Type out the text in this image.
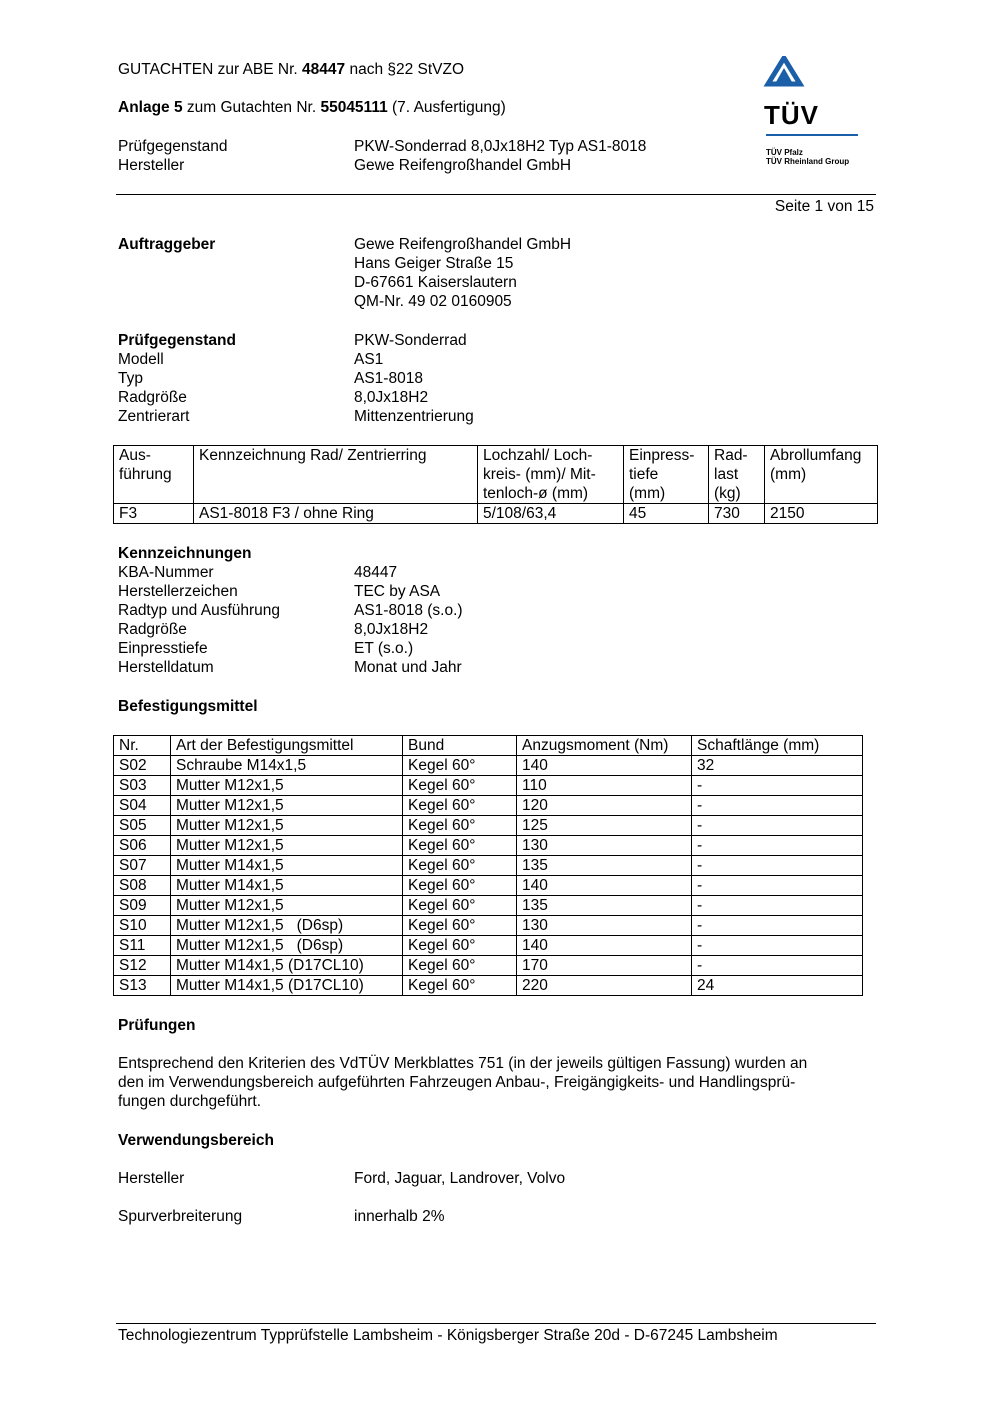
GUTACHTEN zur ABE Nr. 48447 nach §22 StVZO
Anlage 5 zum Gutachten Nr. 55045111 (7. Ausfertigung)
Prüfgegenstand	PKW-Sonderrad 8,0Jx18H2 Typ AS1-8018
Hersteller	Gewe Reifengroßhandel GmbH
TÜV
TÜV Pfalz
TÜV Rheinland Group
Seite 1 von 15
Auftraggeber	Gewe Reifengroßhandel GmbH
Hans Geiger Straße 15
D-67661 Kaiserslautern
QM-Nr. 49 02 0160905
Prüfgegenstand	PKW-Sonderrad
Modell	AS1
Typ	AS1-8018
Radgröße	8,0Jx18H2
Zentrierart	Mittenzentrierung
Aus-
führung	Kennzeichnung Rad/ Zentrierring	Lochzahl/ Loch-
kreis- (mm)/ Mit-
tenloch-ø (mm)	Einpress-
tiefe
(mm)	Rad-
last
(kg)	Abrollumfang
(mm)
F3	AS1-8018 F3 / ohne Ring	5/108/63,4	45	730	2150
Kennzeichnungen
KBA-Nummer	48447
Herstellerzeichen	TEC by ASA
Radtyp und Ausführung	AS1-8018 (s.o.)
Radgröße	8,0Jx18H2
Einpresstiefe	ET (s.o.)
Herstelldatum	Monat und Jahr
Befestigungsmittel
Nr.	Art der Befestigungsmittel	Bund	Anzugsmoment (Nm)	Schaftlänge (mm)
S02	Schraube M14x1,5	Kegel 60°	140	32
S03	Mutter M12x1,5	Kegel 60°	110	-
S04	Mutter M12x1,5	Kegel 60°	120	-
S05	Mutter M12x1,5	Kegel 60°	125	-
S06	Mutter M12x1,5	Kegel 60°	130	-
S07	Mutter M14x1,5	Kegel 60°	135	-
S08	Mutter M14x1,5	Kegel 60°	140	-
S09	Mutter M12x1,5	Kegel 60°	135	-
S10	Mutter M12x1,5   (D6sp)	Kegel 60°	130	-
S11	Mutter M12x1,5   (D6sp)	Kegel 60°	140	-
S12	Mutter M14x1,5 (D17CL10)	Kegel 60°	170	-
S13	Mutter M14x1,5 (D17CL10)	Kegel 60°	220	24
Prüfungen
Entsprechend den Kriterien des VdTÜV Merkblattes 751 (in der jeweils gültigen Fassung) wurden an
den im Verwendungsbereich aufgeführten Fahrzeugen Anbau-, Freigängigkeits- und Handlingsprü-
fungen durchgeführt.
Verwendungsbereich
Hersteller	Ford, Jaguar, Landrover, Volvo
Spurverbreiterung	innerhalb 2%
Technologiezentrum Typprüfstelle Lambsheim - Königsberger Straße 20d - D-67245 Lambsheim
